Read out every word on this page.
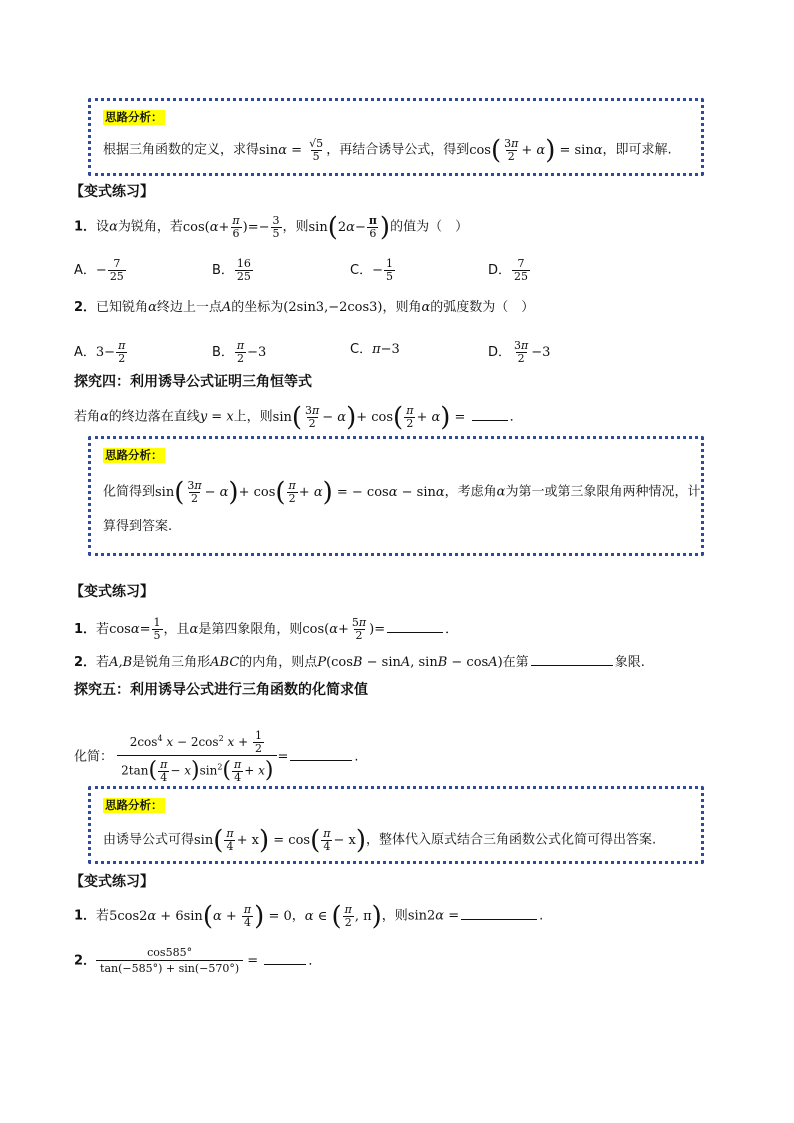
思路分析：
根据三角函数的定义，求得$\sin\alpha = \frac{√5}{5}$ ，再结合诱导公式，得到$\cos( \frac{3\pi}{2} + \alpha) = \sin\alpha$，即可求解.
【变式练习】
1．设α为锐角，若$\cos(\alpha+ \frac{\pi}{6}$ )=− $\frac{3}{5}$ ，则$\sin(2\alpha- \frac{\pi}{6}$ )的值为（　）
A．− $\frac{7}{25}$	B． $\frac{16}{25}$	C．− $\frac{1}{5}$	D． $\frac{7}{25}$
2．已知锐角α终边上一点A的坐标为(2sin3,−2cos3)，则角α的弧度数为（　）
A．$3- \frac{\pi}{2}$	B． $\frac{\pi}{2} -3$	C．π−3	D． $\frac{3\pi}{2} -3$
探究四：利用诱导公式证明三角恒等式
若角α的终边落在直线y = x上，则$\sin( \frac{3\pi}{2} - \alpha)+ \cos( \frac{\pi}{2} + \alpha)$ =	．
思路分析：
化简得到$\sin( \frac{3\pi}{2} - \alpha)+ \cos( \frac{\pi}{2} + \alpha)$ = − cosα − sinα，考虑角α为第一或第三象限角两种情况，计
算得到答案.
【变式练习】
1．若$\cos\alpha= \frac{1}{5}$ ，且α是第四象限角，则$\cos(\alpha+ \frac{5\pi}{2}$ )=	．
2．若A,B是锐角三角形ABC的内角，则点P(cosB − sinA, sinB − cosA)在第	象限.
探究五：利用诱导公式进行三角函数的化简求值
化简： $\frac{2\cos^4 x - 2\cos^2 x + \frac{1}{2}}{2\tan( \frac{\pi}{4} - x)\sin^2( \frac{\pi}{4} + x)}$ =	.
思路分析：
由诱导公式可得$\sin( \frac{\pi}{4} + x) = \cos( \frac{\pi}{4} - x)$，整体代入原式结合三角函数公式化简可得出答案.
【变式练习】
1．若$5\cos 2\alpha + 6\sin(\alpha + \frac{\pi}{4}$ ) = 0，α ∈ ( $\frac{\pi}{2}$ , π)，则sin2α =	.
2． $\frac{\cos 585^\circ}{\tan(-585^\circ) + \sin(-570^\circ)}$ =	．
